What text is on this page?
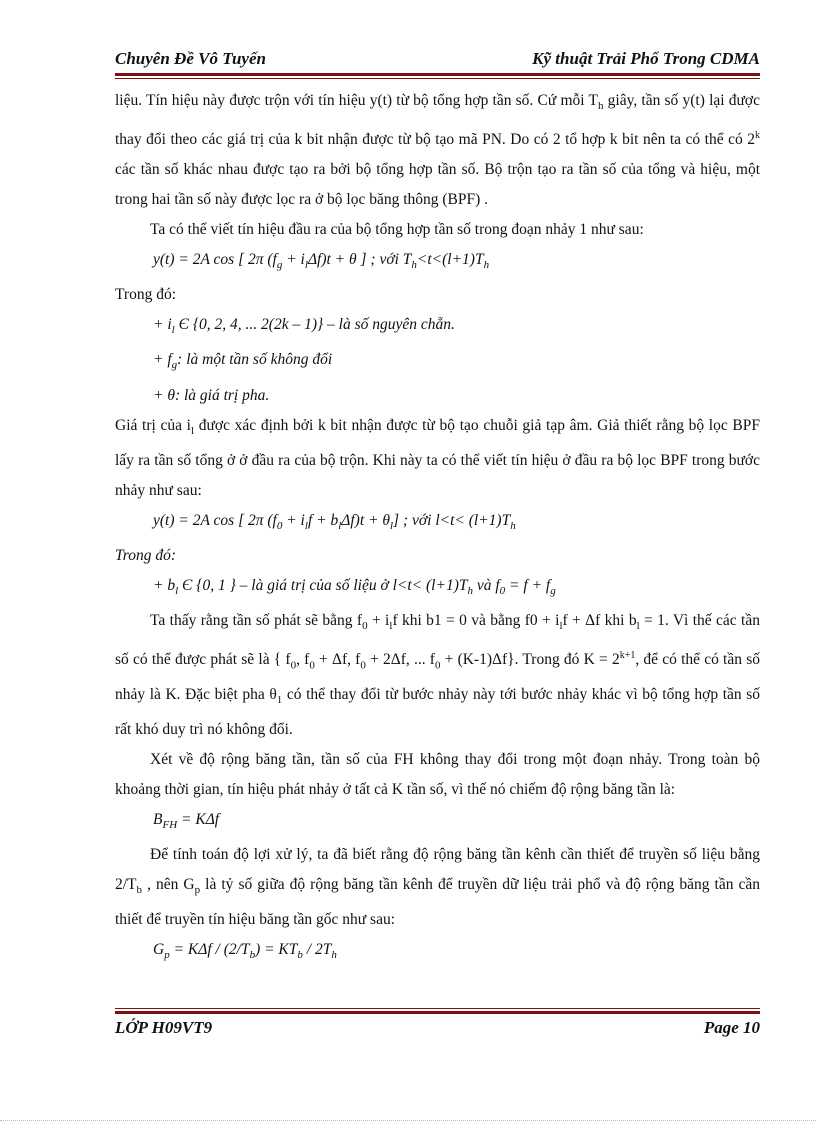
Chuyên Đề Vô Tuyến	Kỹ thuật Trải Phổ Trong CDMA

liệu. Tín hiệu này được trộn với tín hiệu y(t) từ bộ tổng hợp tần số. Cứ mỗi $T_h$ giây, tần số y(t) lại được thay đổi theo các giá trị của k bit nhận được từ bộ tạo mã PN. Do có 2 tổ hợp k bit nên ta có thể có 2$^k$ các tần số khác nhau được tạo ra bởi bộ tổng hợp tần số. Bộ trộn tạo ra tần số của tổng và hiệu, một trong hai tần số này được lọc ra ở bộ lọc băng thông (BPF) .

Ta có thể viết tín hiệu đầu ra của bộ tổng hợp tần số trong đoạn nhảy 1 như sau:

y(t) = 2A cos [ 2π $(f_g + i_l\Delta f)t + \theta$ ] ; với $T_h<t<(l+1)T_h$

Trong đó:

+ $i_l$ Є {0, 2, 4, ... 2(2k – 1)} – là số nguyên chẵn.

+ $f_g$: là một tần số không đổi

+ θ: là giá trị pha.

Giá trị của $i_l$ được xác định bởi k bit nhận được từ bộ tạo chuỗi giả tạp âm. Giả thiết rằng bộ lọc BPF lấy ra tần số tổng ở ở đầu ra của bộ trộn. Khi này ta có thể viết tín hiệu ở đầu ra bộ lọc BPF trong bước nhảy như sau:

y(t) = 2A cos [ 2π $(f_0 + i_lf + b_l\Delta f)t + \theta_l$] ; với $l<t< (l+1)T_h$

Trong đó:

+ $b_l$ Є {0, 1 } – là giá trị của số liệu ở $l<t< (l+1)T_h$ và $f_0 = f + f_g$

Ta thấy rằng tần số phát sẽ bằng $f_0 + i_lf$ khi b1 = 0 và bằng $f0 + i_lf + \Delta f$ khi $b_l = 1$. Vì thế các tần số có thể được phát sẽ là { $f_0$, $f_0 + \Delta f$, $f_0 + 2\Delta f$, ... $f_0 + (K-1)\Delta f$}. Trong đó $K = 2^{k+1}$, để có thể có tần số nhảy là K. Đặc biệt pha $\theta_1$ có thể thay đổi từ bước nhảy này tới bước nhảy khác vì bộ tổng hợp tần số rất khó duy trì nó không đổi.

Xét về độ rộng băng tần, tần số của FH không thay đổi trong một đoạn nhảy. Trong toàn bộ khoảng thời gian, tín hiệu phát nhảy ở tất cả K tần số, vì thế nó chiếm độ rộng băng tần là:

$B_{FH} = K\Delta f$

Để tính toán độ lợi xử lý, ta đã biết rằng độ rộng băng tần kênh cần thiết để truyền số liệu bằng $2/T_b$ , nên $G_p$ là tỷ số giữa độ rộng băng tần kênh để truyền dữ liệu trải phổ và độ rộng băng tần cần thiết để truyền tín hiệu băng tần gốc như sau:

$G_p = K\Delta f / (2/T_b) = KT_b / 2T_h$

LỚP H09VT9	Page 10
